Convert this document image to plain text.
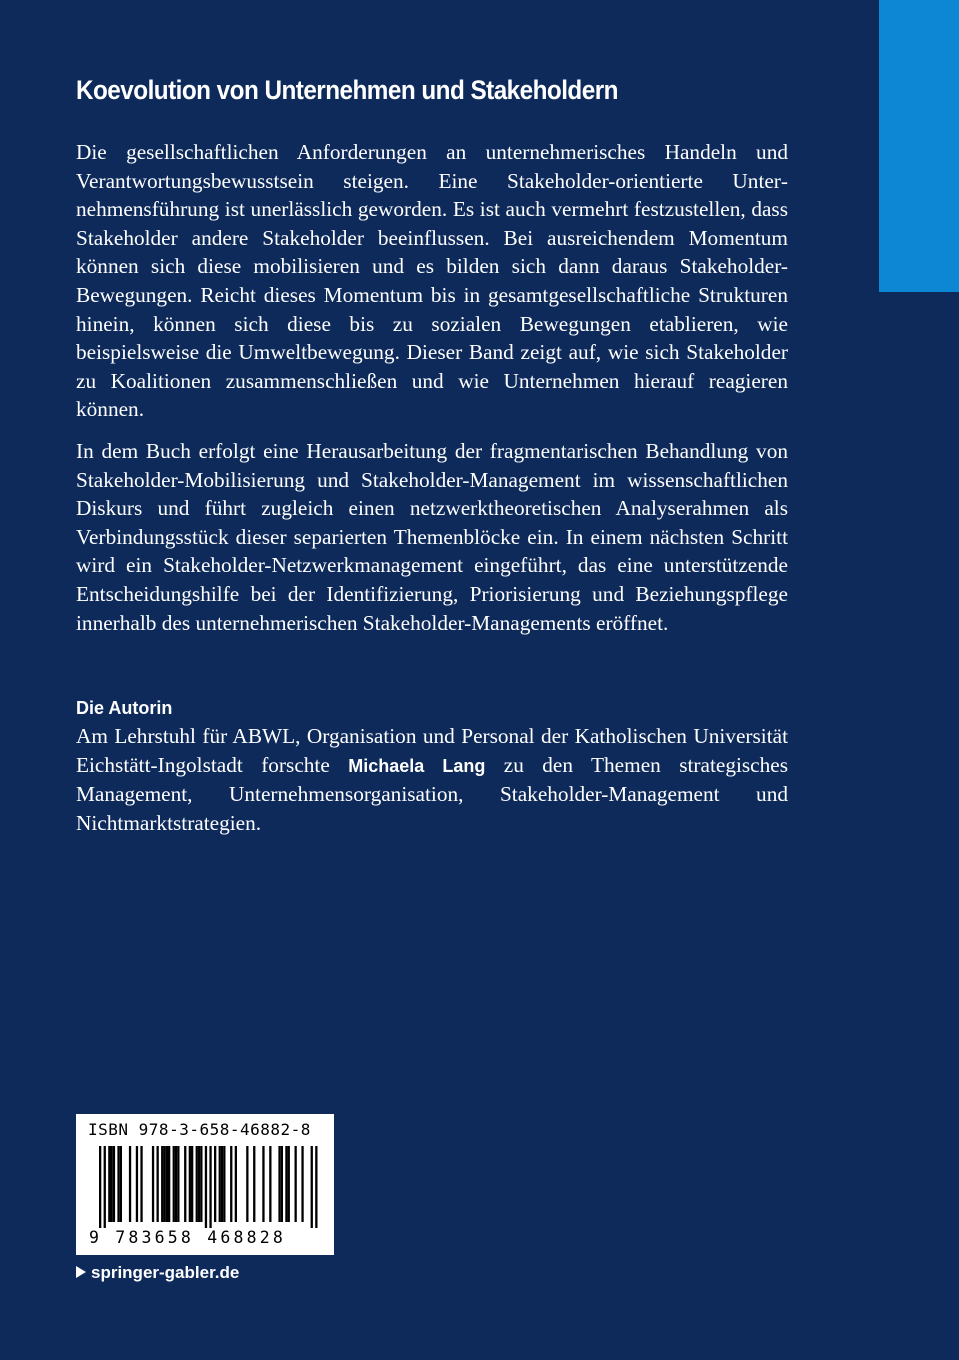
Koevolution von Unternehmen und Stakeholdern

Die gesellschaftlichen Anforderungen an unternehmerisches Handeln und Verantwortungsbewusstsein steigen. Eine Stakeholder-orientierte Unternehmensführung ist unerlässlich geworden. Es ist auch vermehrt festzustellen, dass Stakeholder andere Stakeholder beeinflussen. Bei ausreichendem Momentum können sich diese mobilisieren und es bilden sich dann daraus Stakeholder-Bewegungen. Reicht dieses Momentum bis in gesamtgesellschaftliche Strukturen hinein, können sich diese bis zu sozialen Bewegungen etablieren, wie beispielsweise die Umweltbewegung. Dieser Band zeigt auf, wie sich Stakeholder zu Koalitionen zusammenschließen und wie Unternehmen hierauf reagieren können.

In dem Buch erfolgt eine Herausarbeitung der fragmentarischen Behandlung von Stakeholder-Mobilisierung und Stakeholder-Management im wissenschaftlichen Diskurs und führt zugleich einen netzwerktheoretischen Analyserahmen als Verbindungsstück dieser separierten Themenblöcke ein. In einem nächsten Schritt wird ein Stakeholder-Netzwerkmanagement eingeführt, das eine unterstützende Entscheidungshilfe bei der Identifizierung, Priorisierung und Beziehungspflege innerhalb des unternehmerischen Stakeholder-Managements eröffnet.

Die Autorin

Am Lehrstuhl für ABWL, Organisation und Personal der Katholischen Universität Eichstätt-Ingolstadt forschte Michaela Lang zu den Themen strategisches Management, Unternehmensorganisation, Stakeholder-Management und Nichtmarktstrategien.

ISBN 978-3-658-46882-8
9 783658 468828
springer-gabler.de
